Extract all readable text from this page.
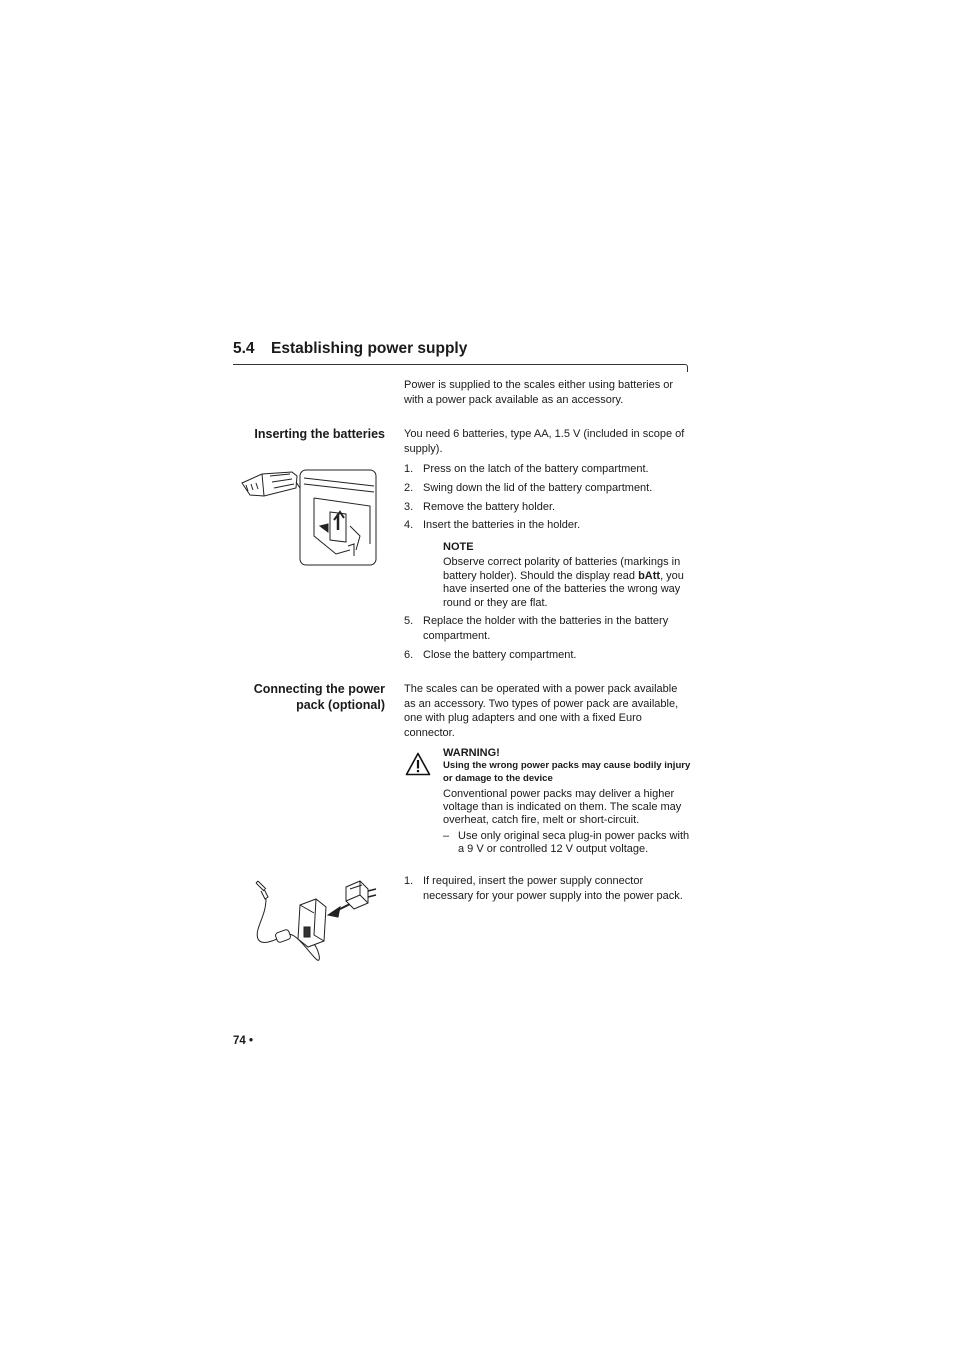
5.4 Establishing power supply
Power is supplied to the scales either using batteries or with a power pack available as an accessory.
Inserting the batteries You need 6 batteries, type AA, 1.5 V (included in scope of supply).
1. Press on the latch of the battery compartment.
2. Swing down the lid of the battery compartment.
3. Remove the battery holder.
4. Insert the batteries in the holder.
NOTE
Observe correct polarity of batteries (markings in battery holder). Should the display read bAtt, you have inserted one of the batteries the wrong way round or they are flat.
5. Replace the holder with the batteries in the battery compartment.
6. Close the battery compartment.
Connecting the power
pack (optional)
The scales can be operated with a power pack available as an accessory. Two types of power pack are available, one with plug adapters and one with a fixed Euro connector.
WARNING!
Using the wrong power packs may cause bodily injury or damage to the device
Conventional power packs may deliver a higher voltage than is indicated on them. The scale may overheat, catch fire, melt or short-circuit.
– Use only original seca plug-in power packs with a 9 V or controlled 12 V output voltage.
1. If required, insert the power supply connector necessary for your power supply into the power pack.
74 •
